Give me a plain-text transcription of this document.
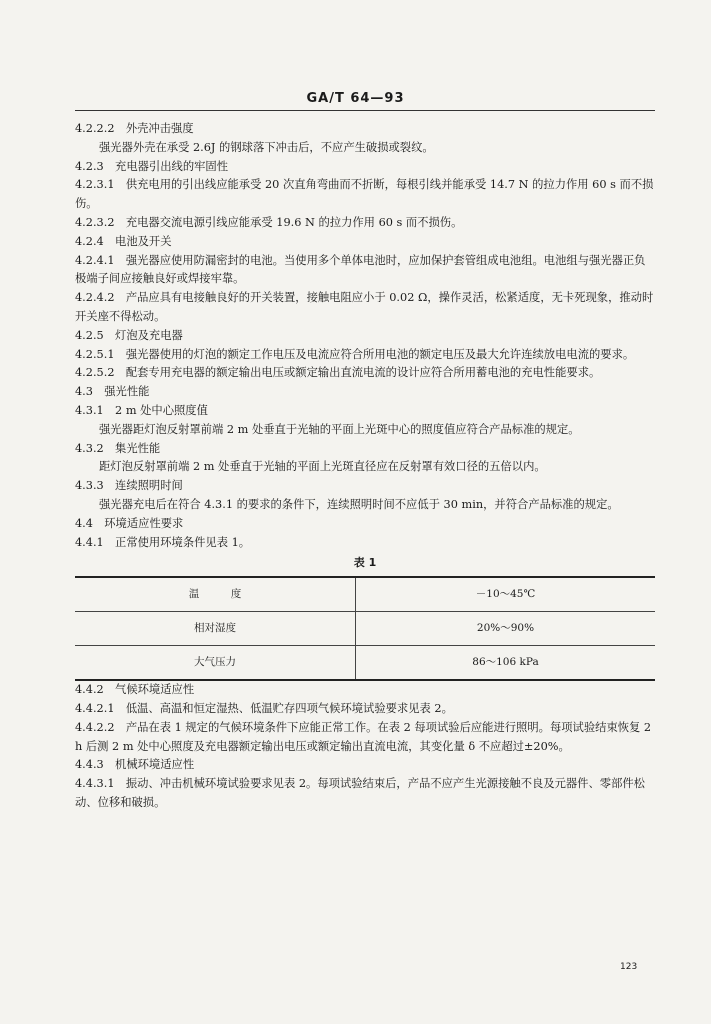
GA/T 64—93

4.2.2.2　外壳冲击强度

强光器外壳在承受 2.6J 的钢球落下冲击后，不应产生破损或裂纹。

4.2.3　充电器引出线的牢固性

4.2.3.1　供充电用的引出线应能承受 20 次直角弯曲而不折断，每根引线并能承受 14.7 N 的拉力作用 60 s 而不损伤。

4.2.3.2　充电器交流电源引线应能承受 19.6 N 的拉力作用 60 s 而不损伤。

4.2.4　电池及开关

4.2.4.1　强光器应使用防漏密封的电池。当使用多个单体电池时，应加保护套管组成电池组。电池组与强光器正负极端子间应接触良好或焊接牢靠。

4.2.4.2　产品应具有电接触良好的开关装置，接触电阻应小于 0.02 Ω，操作灵活，松紧适度，无卡死现象，推动时开关座不得松动。

4.2.5　灯泡及充电器

4.2.5.1　强光器使用的灯泡的额定工作电压及电流应符合所用电池的额定电压及最大允许连续放电电流的要求。

4.2.5.2　配套专用充电器的额定输出电压或额定输出直流电流的设计应符合所用蓄电池的充电性能要求。

4.3　强光性能

4.3.1　2 m 处中心照度值

强光器距灯泡反射罩前端 2 m 处垂直于光轴的平面上光斑中心的照度值应符合产品标准的规定。

4.3.2　集光性能

距灯泡反射罩前端 2 m 处垂直于光轴的平面上光斑直径应在反射罩有效口径的五倍以内。

4.3.3　连续照明时间

强光器充电后在符合 4.3.1 的要求的条件下，连续照明时间不应低于 30 min，并符合产品标准的规定。

4.4　环境适应性要求

4.4.1　正常使用环境条件见表 1。

表 1
温　　　度	－10～45℃
相对湿度	20%～90%
大气压力	86～106 kPa

4.4.2　气候环境适应性

4.4.2.1　低温、高温和恒定湿热、低温贮存四项气候环境试验要求见表 2。

4.4.2.2　产品在表 1 规定的气候环境条件下应能正常工作。在表 2 每项试验后应能进行照明。每项试验结束恢复 2 h 后测 2 m 处中心照度及充电器额定输出电压或额定输出直流电流，其变化量 δ 不应超过±20%。

4.4.3　机械环境适应性

4.4.3.1　振动、冲击机械环境试验要求见表 2。每项试验结束后，产品不应产生光源接触不良及元器件、零部件松动、位移和破损。

123
